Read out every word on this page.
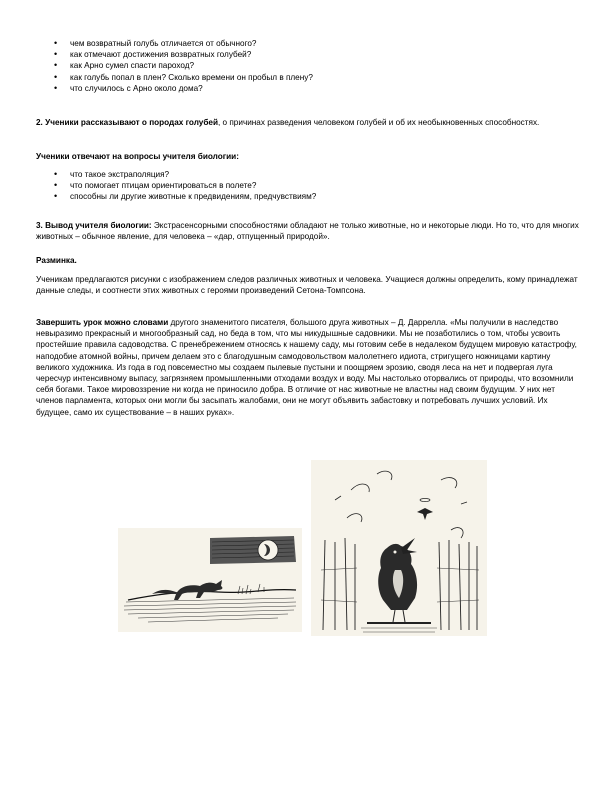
• чем возвратный голубь отличается от обычного?
• как отмечают достижения возвратных голубей?
• как Арно сумел спасти пароход?
• как голубь попал в плен? Сколько времени он пробыл в плену?
• что случилось с Арно около дома?

2. Ученики рассказывают о породах голубей, о причинах разведения человеком голубей и об их необыкновенных способностях.

Ученики отвечают на вопросы учителя биологии:

• что такое экстраполяция?
• что помогает птицам ориентироваться в полете?
• способны ли другие животные к предвидениям, предчувствиям?

3. Вывод учителя биологии: Экстрасенсорными способностями обладают не только животные, но и некоторые люди. Но то, что для многих животных – обычное явление, для человека – «дар, отпущенный природой».

Разминка.

Ученикам предлагаются рисунки с изображением следов различных животных и человека. Учащиеся должны определить, кому принадлежат данные следы, и соотнести этих животных с героями произведений Сетона-Томпсона.

Завершить урок можно словами другого знаменитого писателя, большого друга животных – Д. Даррелла. «Мы получили в наследство невыразимо прекрасный и многообразный сад, но беда в том, что мы никудышные садовники. Мы не позаботились о том, чтобы усвоить простейшие правила садоводства. С пренебрежением относясь к нашему саду, мы готовим себе в недалеком будущем мировую катастрофу, наподобие атомной войны, причем делаем это с благодушным самодовольством малолетнего идиота, стригущего ножницами картину великого художника. Из года в год повсеместно мы создаем пылевые пустыни и поощряем эрозию, сводя леса на нет и подвергая луга чересчур интенсивному выпасу, загрязняем промышленными отходами воздух и воду. Мы настолько оторвались от природы, что возомнили себя богами. Такое мировоззрение ни когда не приносило добра. В отличие от нас животные не властны над своим будущим. У них нет членов парламента, которых они могли бы засыпать жалобами, они не могут объявить забастовку и потребовать лучших условий. Их будущее, само их существование – в наших руках».
